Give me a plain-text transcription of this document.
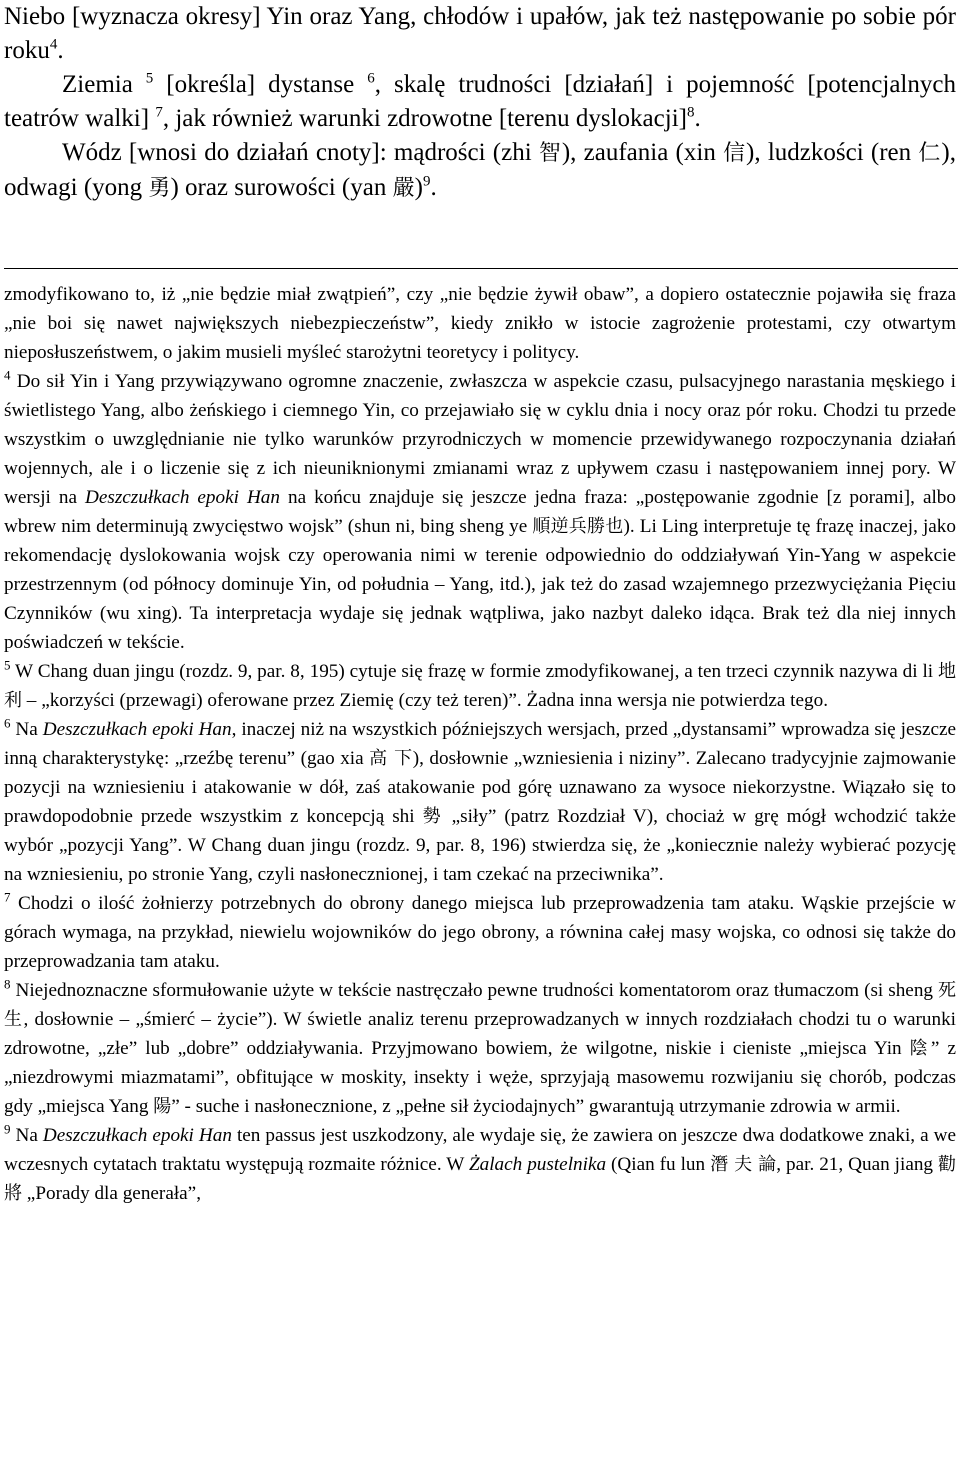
Niebo [wyznacza okresy] Yin oraz Yang, chłodów i upałów, jak też następowanie po sobie pór roku$^4$.

Ziemia $^5$ [określa] dystanse $^6$, skalę trudności [działań] i pojemność [potencjalnych teatrów walki] $^7$, jak również warunki zdrowotne [terenu dyslokacji]$^8$.

Wódz [wnosi do działań cnoty]: mądrości (zhi 智), zaufania (xin 信), ludzkości (ren 仁), odwagi (yong 勇) oraz surowości (yan 嚴)$^9$.

zmodyfikowano to, iż „nie będzie miał zwątpień”, czy „nie będzie żywił obaw”, a dopiero ostatecznie pojawiła się fraza „nie boi się nawet największych niebezpieczeństw”, kiedy znikło w istocie zagrożenie protestami, czy otwartym nieposłuszeństwem, o jakim musieli myśleć starożytni teoretycy i politycy.

$^4$ Do sił Yin i Yang przywiązywano ogromne znaczenie, zwłaszcza w aspekcie czasu, pulsacyjnego narastania męskiego i świetlistego Yang, albo żeńskiego i ciemnego Yin, co przejawiało się w cyklu dnia i nocy oraz pór roku. Chodzi tu przede wszystkim o uwzględnianie nie tylko warunków przyrodniczych w momencie przewidywanego rozpoczynania działań wojennych, ale i o liczenie się z ich nieuniknionymi zmianami wraz z upływem czasu i następowaniem innej pory. W wersji na Deszczułkach epoki Han na końcu znajduje się jeszcze jedna fraza: „postępowanie zgodnie [z porami], albo wbrew nim determinują zwycięstwo wojsk” (shun ni, bing sheng ye 順逆兵勝也). Li Ling interpretuje tę frazę inaczej, jako rekomendację dyslokowania wojsk czy operowania nimi w terenie odpowiednio do oddziaływań Yin-Yang w aspekcie przestrzennym (od północy dominuje Yin, od południa – Yang, itd.), jak też do zasad wzajemnego przezwyciężania Pięciu Czynników (wu xing). Ta interpretacja wydaje się jednak wątpliwa, jako nazbyt daleko idąca. Brak też dla niej innych poświadczeń w tekście.

$^5$ W Chang duan jingu (rozdz. 9, par. 8, 195) cytuje się frazę w formie zmodyfikowanej, a ten trzeci czynnik nazywa di li 地 利 – „korzyści (przewagi) oferowane przez Ziemię (czy też teren)”. Żadna inna wersja nie potwierdza tego.

$^6$ Na Deszczułkach epoki Han, inaczej niż na wszystkich późniejszych wersjach, przed „dystansami” wprowadza się jeszcze inną charakterystykę: „rzeźbę terenu” (gao xia 高 下), dosłownie „wzniesienia i niziny”. Zalecano tradycyjnie zajmowanie pozycji na wzniesieniu i atakowanie w dół, zaś atakowanie pod górę uznawano za wysoce niekorzystne. Wiązało się to prawdopodobnie przede wszystkim z koncepcją shi 勢 „siły” (patrz Rozdział V), chociaż w grę mógł wchodzić także wybór „pozycji Yang”. W Chang duan jingu (rozdz. 9, par. 8, 196) stwierdza się, że „koniecznie należy wybierać pozycję na wzniesieniu, po stronie Yang, czyli nasłonecznionej, i tam czekać na przeciwnika”.

$^7$ Chodzi o ilość żołnierzy potrzebnych do obrony danego miejsca lub przeprowadzenia tam ataku. Wąskie przejście w górach wymaga, na przykład, niewielu wojowników do jego obrony, a równina całej masy wojska, co odnosi się także do przeprowadzania tam ataku.

$^8$ Niejednoznaczne sformułowanie użyte w tekście nastręczało pewne trudności komentatorom oraz tłumaczom (si sheng 死 生, dosłownie – „śmierć – życie”). W świetle analiz terenu przeprowadzanych w innych rozdziałach chodzi tu o warunki zdrowotne, „złe” lub „dobre” oddziaływania. Przyjmowano bowiem, że wilgotne, niskie i cieniste „miejsca Yin 陰” z „niezdrowymi miazmatami”, obfitujące w moskity, insekty i węże, sprzyjają masowemu rozwijaniu się chorób, podczas gdy „miejsca Yang 陽” - suche i nasłonecznione, z „pełne sił życiodajnych” gwarantują utrzymanie zdrowia w armii.

$^9$ Na Deszczułkach epoki Han ten passus jest uszkodzony, ale wydaje się, że zawiera on jeszcze dwa dodatkowe znaki, a we wczesnych cytatach traktatu występują rozmaite różnice. W Żalach pustelnika (Qian fu lun 潛 夫 論, par. 21, Quan jiang 勸將 „Porady dla generała”,
